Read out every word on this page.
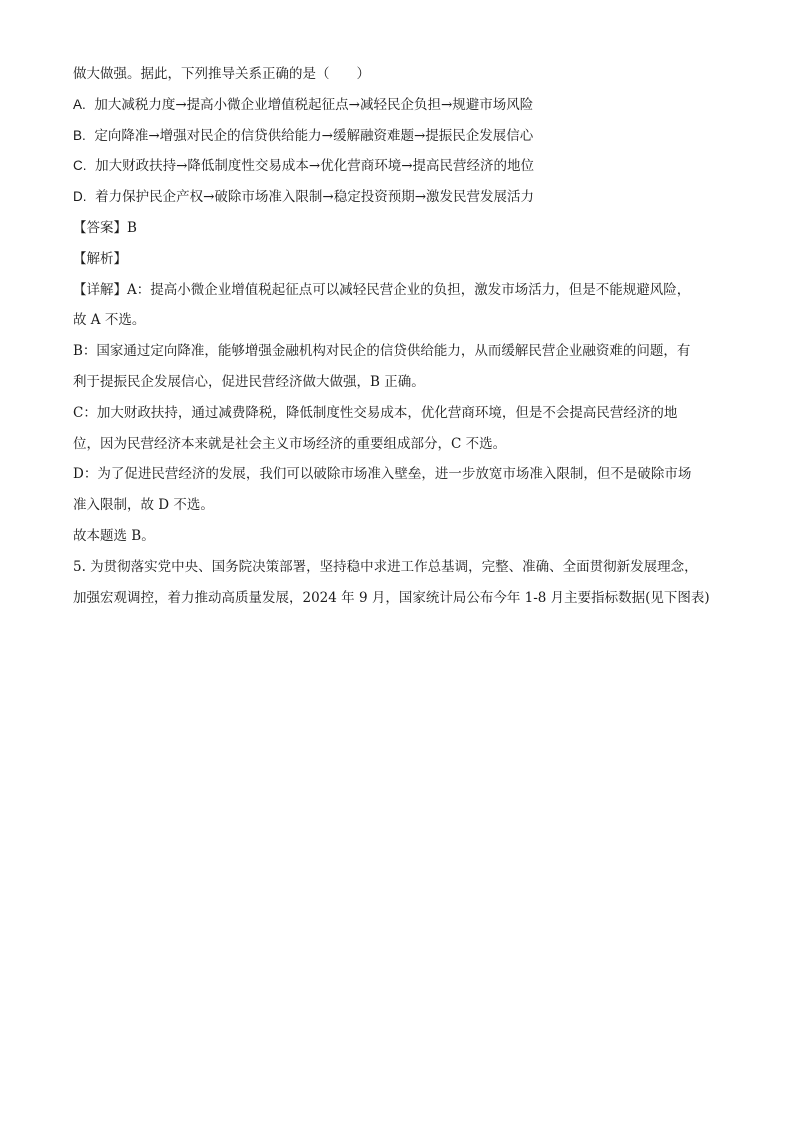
做大做强。据此，下列推导关系正确的是（　　）
A. 加大减税力度→提高小微企业增值税起征点→减轻民企负担→规避市场风险
B. 定向降准→增强对民企的信贷供给能力→缓解融资难题→提振民企发展信心
C. 加大财政扶持→降低制度性交易成本→优化营商环境→提高民营经济的地位
D. 着力保护民企产权→破除市场准入限制→稳定投资预期→激发民营发展活力
【答案】B
【解析】
【详解】A：提高小微企业增值税起征点可以减轻民营企业的负担，激发市场活力，但是不能规避风险，
故 A 不选。
B：国家通过定向降准，能够增强金融机构对民企的信贷供给能力，从而缓解民营企业融资难的问题，有
利于提振民企发展信心，促进民营经济做大做强，B 正确。
C：加大财政扶持，通过减费降税，降低制度性交易成本，优化营商环境，但是不会提高民营经济的地
位，因为民营经济本来就是社会主义市场经济的重要组成部分，C 不选。
D：为了促进民营经济的发展，我们可以破除市场准入壁垒，进一步放宽市场准入限制，但不是破除市场
准入限制，故 D 不选。
故本题选 B。
5. 为贯彻落实党中央、国务院决策部署，坚持稳中求进工作总基调，完整、准确、全面贯彻新发展理念，
加强宏观调控，着力推动高质量发展，2024 年 9 月，国家统计局公布今年 1-8 月主要指标数据(见下图表)
